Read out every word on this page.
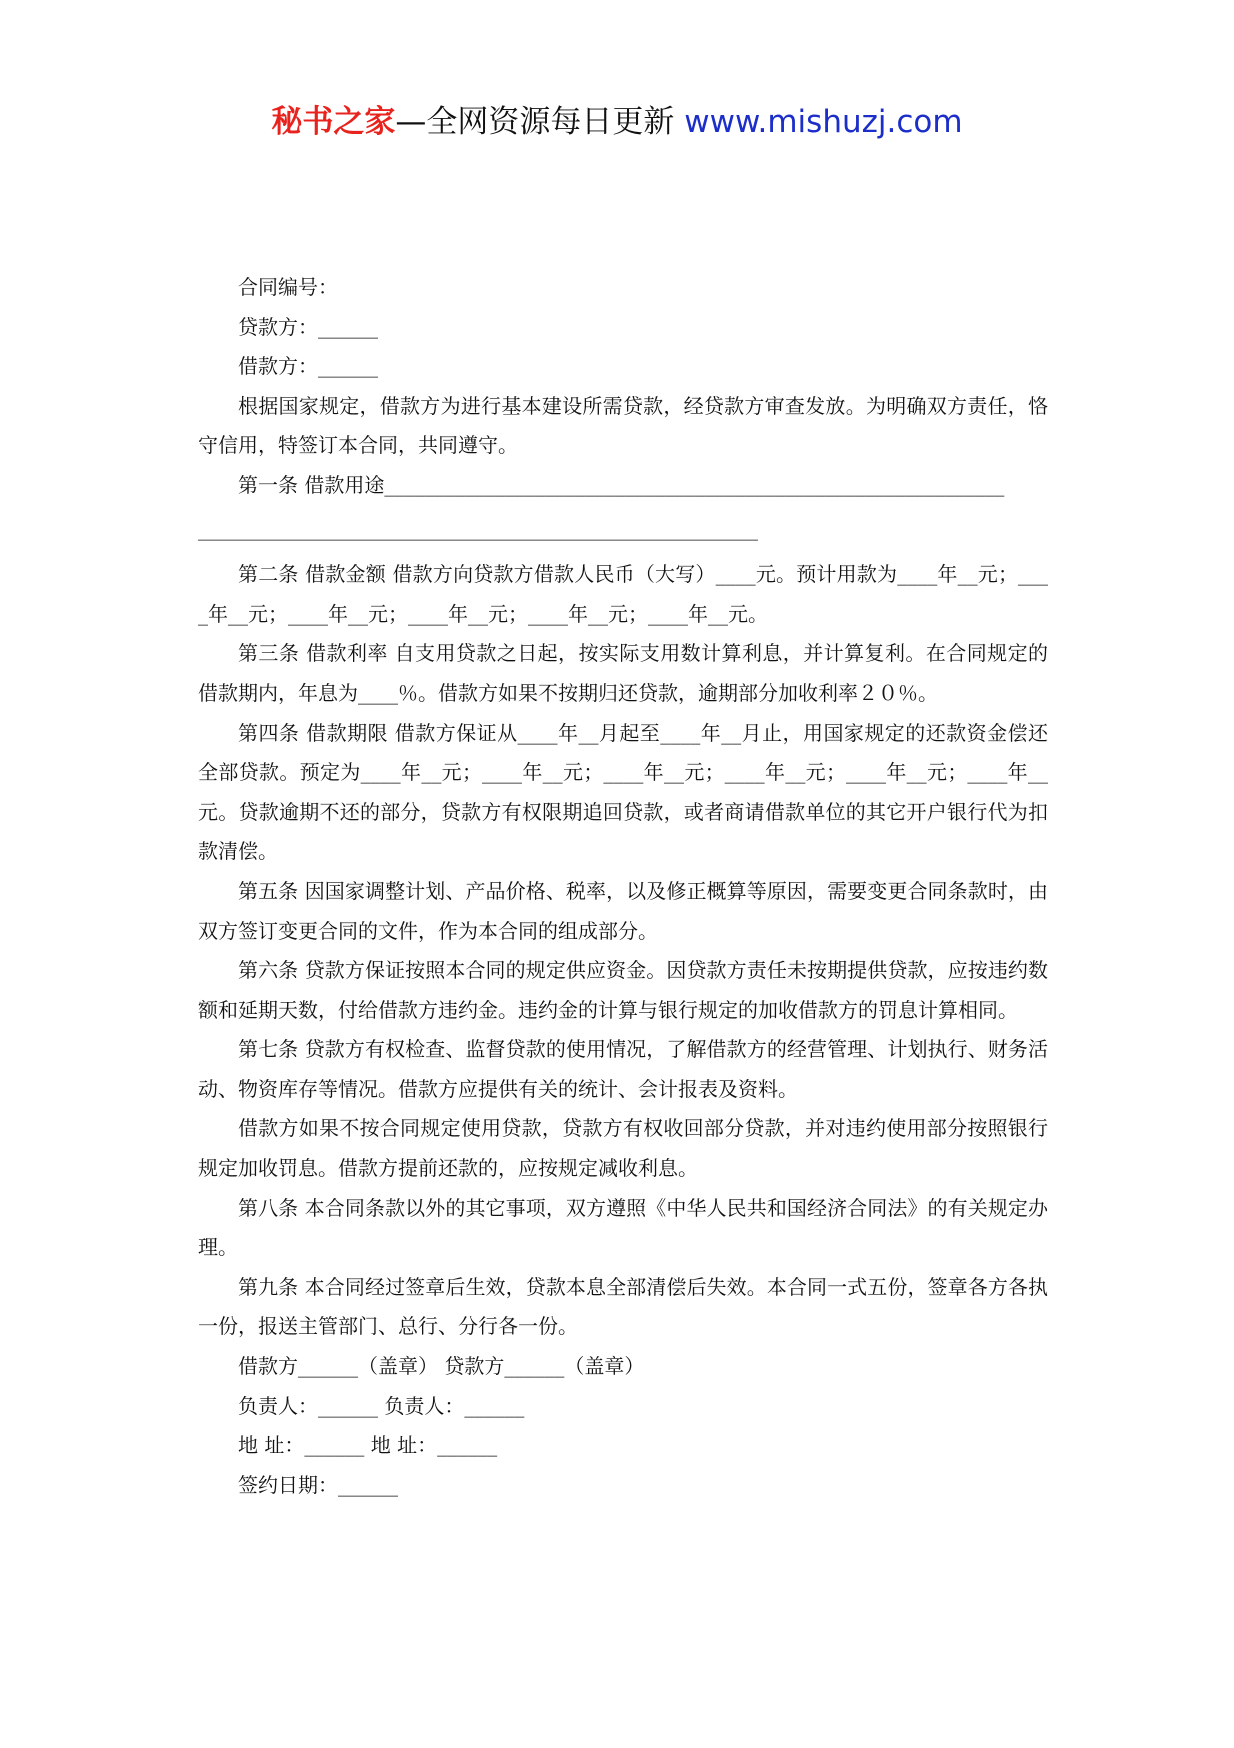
秘书之家—全网资源每日更新 www.mishuzj.com

合同编号：

贷款方：______

借款方：______

根据国家规定，借款方为进行基本建设所需贷款，经贷款方审查发放。为明确双方责任，恪守信用，特签订本合同，共同遵守。

第一条 借款用途______________________________________________________________

________________________________________________________

第二条 借款金额 借款方向贷款方借款人民币（大写）____元。预计用款为____年__元；____年__元；____年__元；____年__元；____年__元；____年__元。

第三条 借款利率 自支用贷款之日起，按实际支用数计算利息，并计算复利。在合同规定的借款期内，年息为____％。借款方如果不按期归还贷款，逾期部分加收利率２０％。

第四条 借款期限 借款方保证从____年__月起至____年__月止，用国家规定的还款资金偿还全部贷款。预定为____年__元；____年__元；____年__元；____年__元；____年__元；____年__元。贷款逾期不还的部分，贷款方有权限期追回贷款，或者商请借款单位的其它开户银行代为扣款清偿。

第五条 因国家调整计划、产品价格、税率，以及修正概算等原因，需要变更合同条款时，由双方签订变更合同的文件，作为本合同的组成部分。

第六条 贷款方保证按照本合同的规定供应资金。因贷款方责任未按期提供贷款，应按违约数额和延期天数，付给借款方违约金。违约金的计算与银行规定的加收借款方的罚息计算相同。

第七条 贷款方有权检查、监督贷款的使用情况，了解借款方的经营管理、计划执行、财务活动、物资库存等情况。借款方应提供有关的统计、会计报表及资料。

借款方如果不按合同规定使用贷款，贷款方有权收回部分贷款，并对违约使用部分按照银行规定加收罚息。借款方提前还款的，应按规定减收利息。

第八条 本合同条款以外的其它事项，双方遵照《中华人民共和国经济合同法》的有关规定办理。

第九条 本合同经过签章后生效，贷款本息全部清偿后失效。本合同一式五份，签章各方各执一份，报送主管部门、总行、分行各一份。

借款方______（盖章） 贷款方______（盖章）

负责人：______ 负责人：______

地 址：______ 地 址：______

签约日期：______
